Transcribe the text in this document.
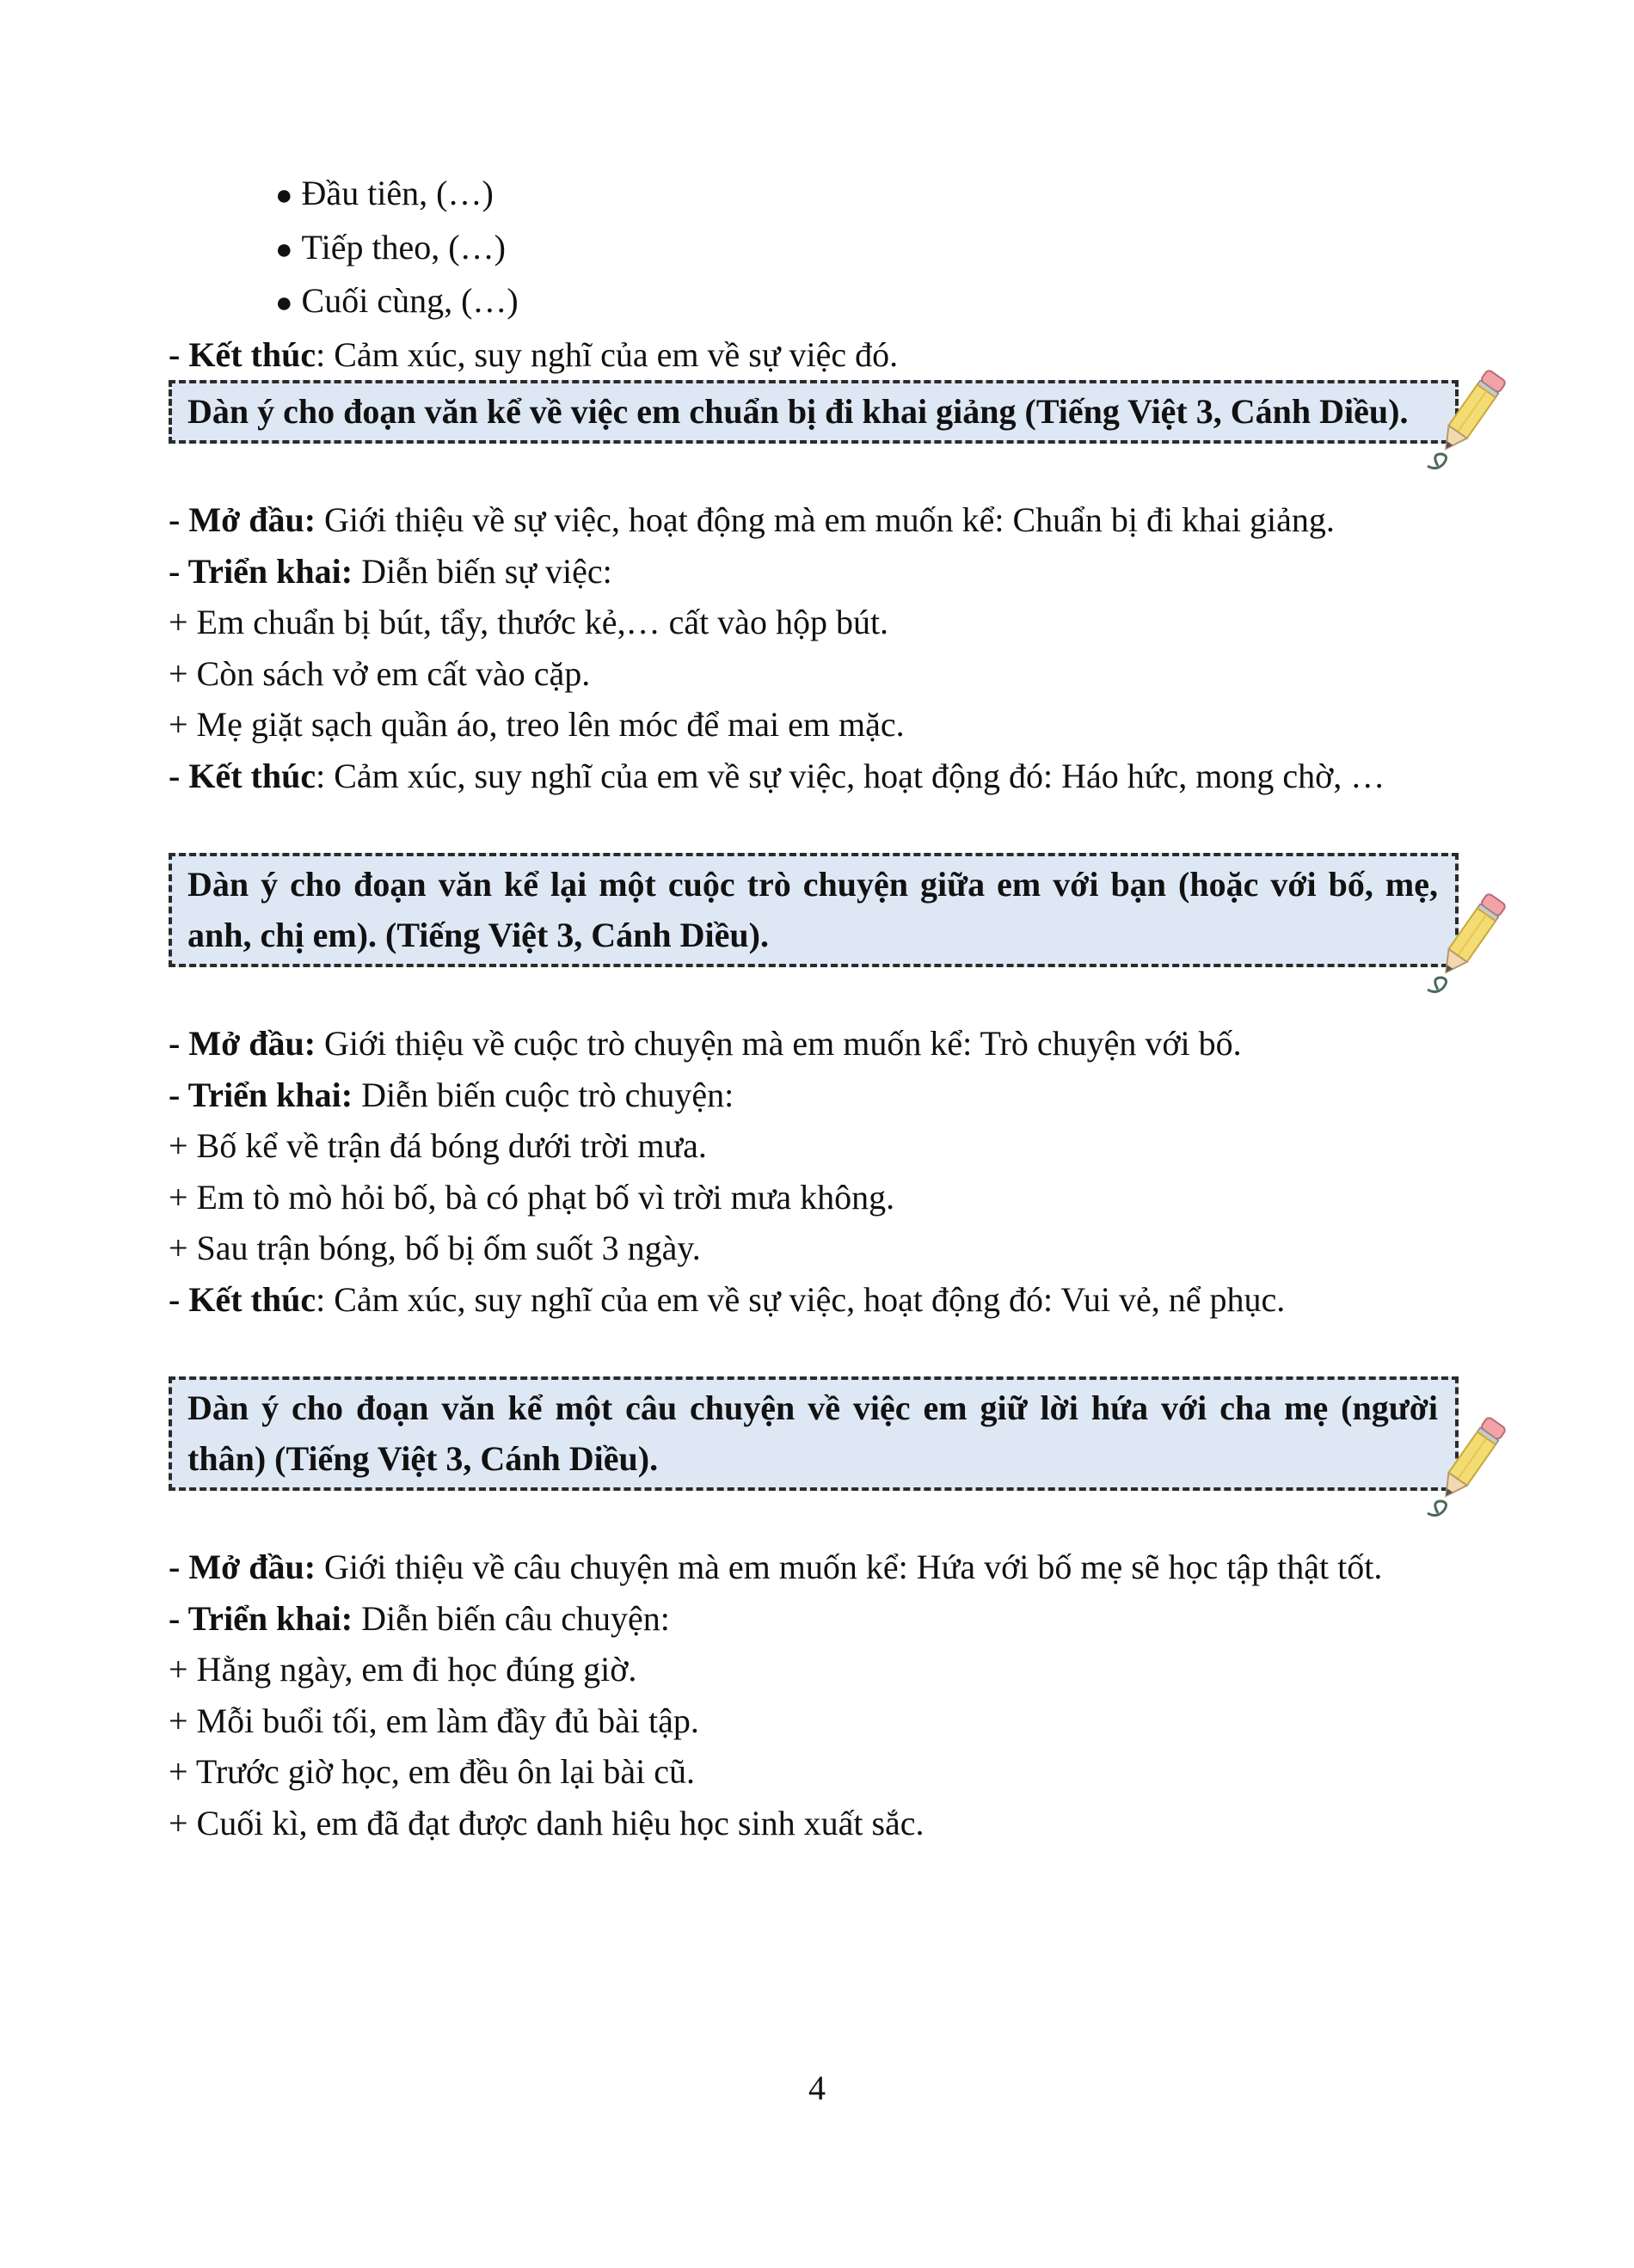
● Đầu tiên, (…)

● Tiếp theo, (…)

● Cuối cùng, (…)

- Kết thúc: Cảm xúc, suy nghĩ của em về sự việc đó.

Dàn ý cho đoạn văn kể về việc em chuẩn bị đi khai giảng (Tiếng Việt 3, Cánh Diều).

- Mở đầu: Giới thiệu về sự việc, hoạt động mà em muốn kể: Chuẩn bị đi khai giảng.

- Triển khai: Diễn biến sự việc:

+ Em chuẩn bị bút, tẩy, thước kẻ,… cất vào hộp bút.

+ Còn sách vở em cất vào cặp.

+ Mẹ giặt sạch quần áo, treo lên móc để mai em mặc.

- Kết thúc: Cảm xúc, suy nghĩ của em về sự việc, hoạt động đó: Háo hức, mong chờ, …

Dàn ý cho đoạn văn kể lại một cuộc trò chuyện giữa em với bạn (hoặc với bố, mẹ, anh, chị em). (Tiếng Việt 3, Cánh Diều).

- Mở đầu: Giới thiệu về cuộc trò chuyện mà em muốn kể: Trò chuyện với bố.

- Triển khai: Diễn biến cuộc trò chuyện:

+ Bố kể về trận đá bóng dưới trời mưa.

+ Em tò mò hỏi bố, bà có phạt bố vì trời mưa không.

+ Sau trận bóng, bố bị ốm suốt 3 ngày.

- Kết thúc: Cảm xúc, suy nghĩ của em về sự việc, hoạt động đó: Vui vẻ, nể phục.

Dàn ý cho đoạn văn kể một câu chuyện về việc em giữ lời hứa với cha mẹ (người thân) (Tiếng Việt 3, Cánh Diều).

- Mở đầu: Giới thiệu về câu chuyện mà em muốn kể: Hứa với bố mẹ sẽ học tập thật tốt.

- Triển khai: Diễn biến câu chuyện:

+ Hằng ngày, em đi học đúng giờ.

+ Mỗi buổi tối, em làm đầy đủ bài tập.

+ Trước giờ học, em đều ôn lại bài cũ.

+ Cuối kì, em đã đạt được danh hiệu học sinh xuất sắc.

4
